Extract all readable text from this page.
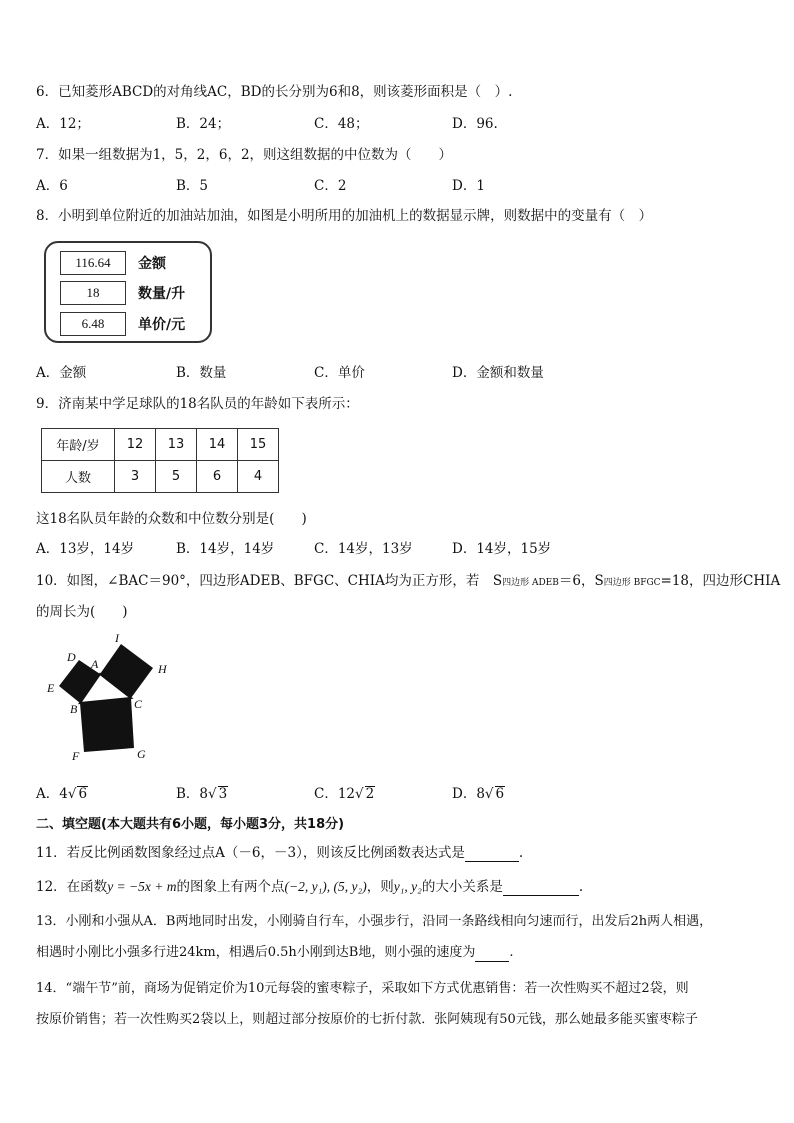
6．已知菱形ABCD的对角线AC，BD的长分别为6和8，则该菱形面积是（　）.
A．12；	B．24；	C．48；	D．96.
7．如果一组数据为1，5，2，6，2，则这组数据的中位数为（　　）
A．6	B．5	C．2	D．1
8．小明到单位附近的加油站加油，如图是小明所用的加油机上的数据显示牌，则数据中的变量有（　）
116.64	金额
18	数量/升
6.48	单价/元
A．金额	B．数量	C．单价	D．金额和数量
9．济南某中学足球队的18名队员的年龄如下表所示：
年龄/岁	12	13	14	15
人数	3	5	6	4
这18名队员年龄的众数和中位数分别是(　　)
A．13岁，14岁	B．14岁，14岁	C．14岁，13岁	D．14岁，15岁
10．如图，∠BAC＝90°，四边形ADEB、BFGC、CHIA均为正方形，若　S四边形 ADEB＝6，S四边形 BFGC=18，四边形CHIA
的周长为(　　)
I
D A	H
E
B	C
F	G
A．4√ 6	B．8√ 3	C．12√ 2	D．8√ 6
二、填空题(本大题共有6小题，每小题3分，共18分)
11．若反比例函数图象经过点A（－6，－3），则该反比例函数表达式是	.
12．在函数y = −5x + m的图象上有两个点(−2, y₁), (5, y₂)，则y₁, y₂的大小关系是	.
13．小刚和小强从A．B两地同时出发，小刚骑自行车，小强步行，沿同一条路线相向匀速而行，出发后2h两人相遇，
相遇时小刚比小强多行进24km，相遇后0.5h小刚到达B地，则小强的速度为	.
14．“端午节”前，商场为促销定价为10元每袋的蜜枣粽子，采取如下方式优惠销售：若一次性购买不超过2袋，则
按原价销售；若一次性购买2袋以上，则超过部分按原价的七折付款．张阿姨现有50元钱，那么她最多能买蜜枣粽子
